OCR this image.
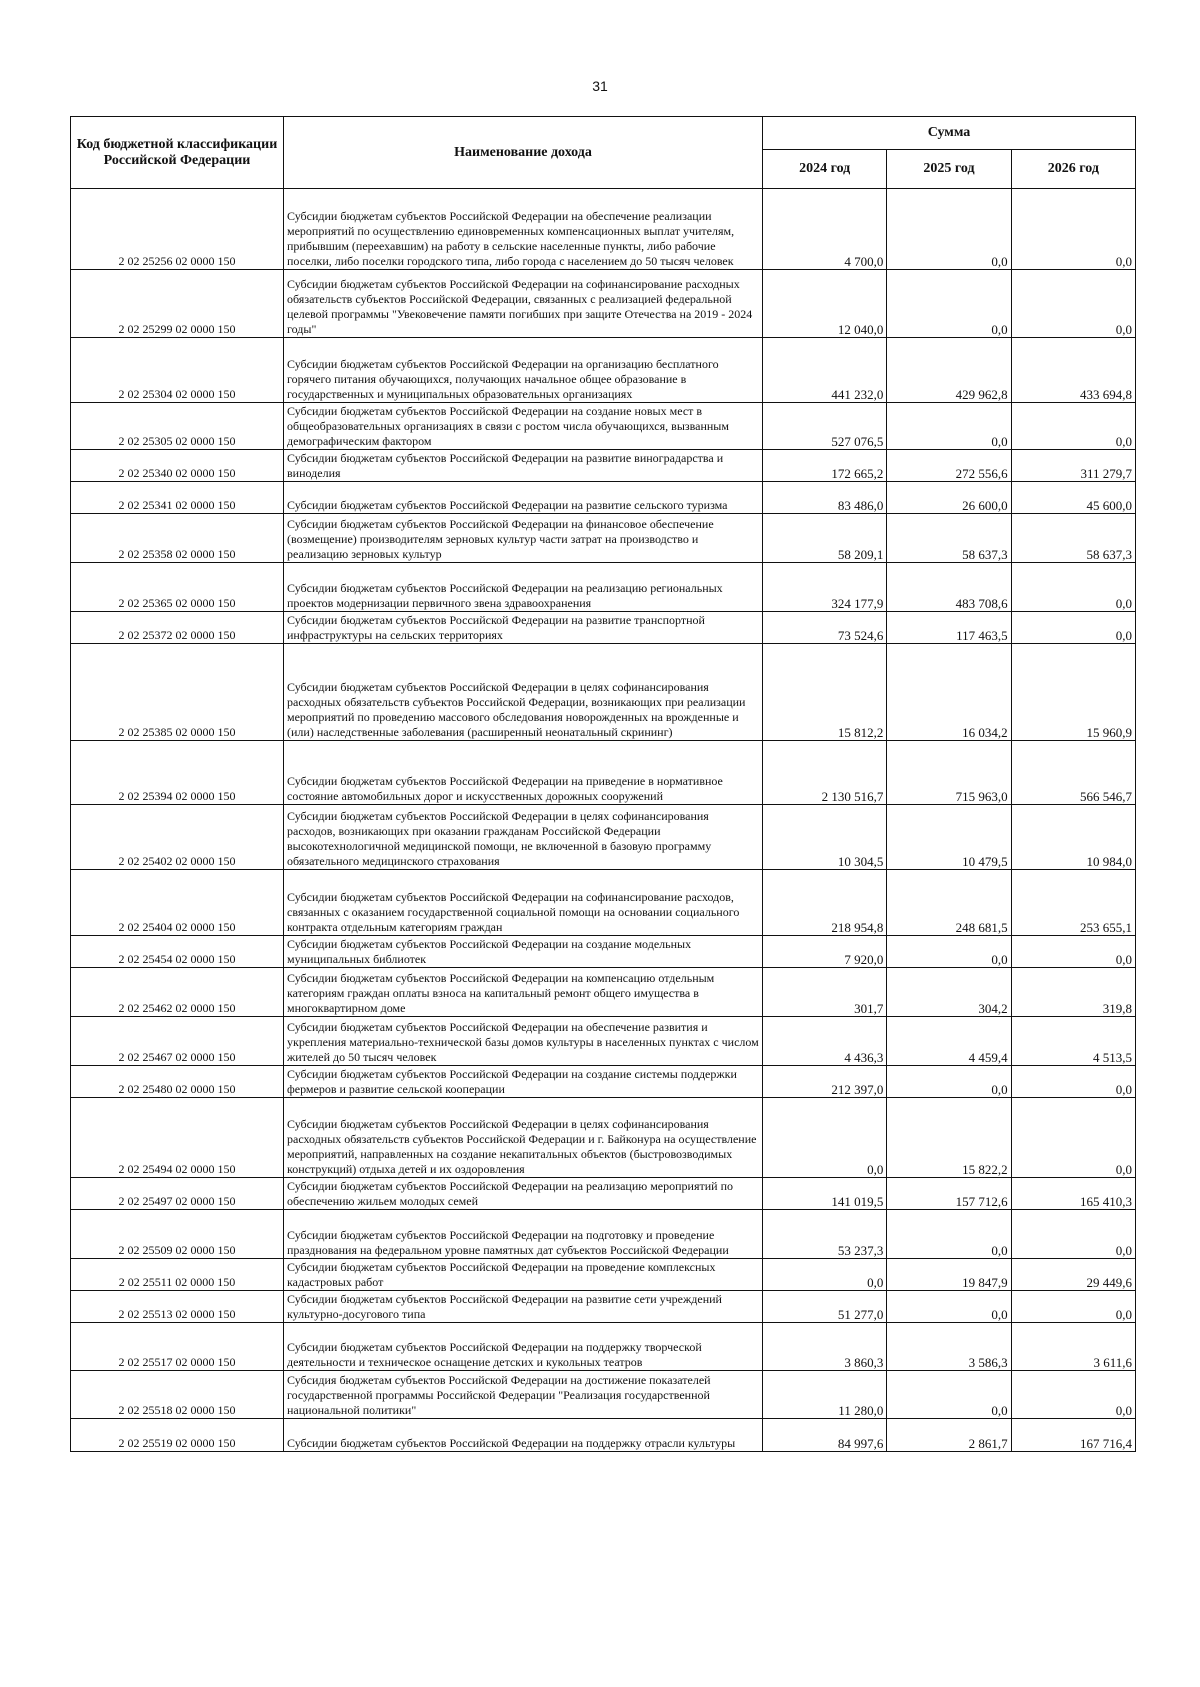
31
Код бюджетной классификации Российской Федерации	Наименование дохода	Сумма		
		2024 год	2025 год	2026 год
2 02 25256 02 0000 150	Субсидии бюджетам субъектов Российской Федерации на обеспечение реализации мероприятий по осуществлению единовременных компенсационных выплат учителям, прибывшим (переехавшим) на работу в сельские населенные пункты, либо рабочие поселки, либо поселки городского типа, либо города с населением до 50 тысяч человек	4 700,0	0,0	0,0
2 02 25299 02 0000 150	Субсидии бюджетам субъектов Российской Федерации на софинансирование расходных обязательств субъектов Российской Федерации, связанных с реализацией федеральной целевой программы "Увековечение памяти погибших при защите Отечества на 2019 - 2024 годы"	12 040,0	0,0	0,0
2 02 25304 02 0000 150	Субсидии бюджетам субъектов Российской Федерации на организацию бесплатного горячего питания обучающихся, получающих начальное общее образование в государственных и муниципальных образовательных организациях	441 232,0	429 962,8	433 694,8
2 02 25305 02 0000 150	Субсидии бюджетам субъектов Российской Федерации на создание новых мест в общеобразовательных организациях в связи с ростом числа обучающихся, вызванным демографическим фактором	527 076,5	0,0	0,0
2 02 25340 02 0000 150	Субсидии бюджетам субъектов Российской Федерации на развитие виноградарства и виноделия	172 665,2	272 556,6	311 279,7
2 02 25341 02 0000 150	Субсидии бюджетам субъектов Российской Федерации на развитие сельского туризма	83 486,0	26 600,0	45 600,0
2 02 25358 02 0000 150	Субсидии бюджетам субъектов Российской Федерации на финансовое обеспечение (возмещение) производителям зерновых культур части затрат на производство и реализацию зерновых культур	58 209,1	58 637,3	58 637,3
2 02 25365 02 0000 150	Субсидии бюджетам субъектов Российской Федерации на реализацию региональных проектов модернизации первичного звена здравоохранения	324 177,9	483 708,6	0,0
2 02 25372 02 0000 150	Субсидии бюджетам субъектов Российской Федерации на развитие транспортной инфраструктуры на сельских территориях	73 524,6	117 463,5	0,0
2 02 25385 02 0000 150	Субсидии бюджетам субъектов Российской Федерации в целях софинансирования расходных обязательств субъектов Российской Федерации, возникающих при реализации мероприятий по проведению массового обследования новорожденных на врожденные и (или) наследственные заболевания (расширенный неонатальный скрининг)	15 812,2	16 034,2	15 960,9
2 02 25394 02 0000 150	Субсидии бюджетам субъектов Российской Федерации на приведение в нормативное состояние автомобильных дорог и искусственных дорожных сооружений	2 130 516,7	715 963,0	566 546,7
2 02 25402 02 0000 150	Субсидии бюджетам субъектов Российской Федерации в целях софинансирования расходов, возникающих при оказании гражданам Российской Федерации высокотехнологичной медицинской помощи, не включенной в базовую программу обязательного медицинского страхования	10 304,5	10 479,5	10 984,0
2 02 25404 02 0000 150	Субсидии бюджетам субъектов Российской Федерации на софинансирование расходов, связанных с оказанием государственной социальной помощи на основании социального контракта отдельным категориям граждан	218 954,8	248 681,5	253 655,1
2 02 25454 02 0000 150	Субсидии бюджетам субъектов Российской Федерации на создание модельных муниципальных библиотек	7 920,0	0,0	0,0
2 02 25462 02 0000 150	Субсидии бюджетам субъектов Российской Федерации на компенсацию отдельным категориям граждан оплаты взноса на капитальный ремонт общего имущества в многоквартирном доме	301,7	304,2	319,8
2 02 25467 02 0000 150	Субсидии бюджетам субъектов Российской Федерации на обеспечение развития и укрепления материально-технической базы домов культуры в населенных пунктах с числом жителей до 50 тысяч человек	4 436,3	4 459,4	4 513,5
2 02 25480 02 0000 150	Субсидии бюджетам субъектов Российской Федерации на создание системы поддержки фермеров и развитие сельской кооперации	212 397,0	0,0	0,0
2 02 25494 02 0000 150	Субсидии бюджетам субъектов Российской Федерации в целях софинансирования расходных обязательств субъектов Российской Федерации и г. Байконура на осуществление мероприятий, направленных на создание некапитальных объектов (быстровозводимых конструкций) отдыха детей и их оздоровления	0,0	15 822,2	0,0
2 02 25497 02 0000 150	Субсидии бюджетам субъектов Российской Федерации на реализацию мероприятий по обеспечению жильем молодых семей	141 019,5	157 712,6	165 410,3
2 02 25509 02 0000 150	Субсидии бюджетам субъектов Российской Федерации на подготовку и проведение празднования на федеральном уровне памятных дат субъектов Российской Федерации	53 237,3	0,0	0,0
2 02 25511 02 0000 150	Субсидии бюджетам субъектов Российской Федерации на проведение комплексных кадастровых работ	0,0	19 847,9	29 449,6
2 02 25513 02 0000 150	Субсидии бюджетам субъектов Российской Федерации на развитие сети учреждений культурно-досугового типа	51 277,0	0,0	0,0
2 02 25517 02 0000 150	Субсидии бюджетам субъектов Российской Федерации на поддержку творческой деятельности и техническое оснащение детских и кукольных театров	3 860,3	3 586,3	3 611,6
2 02 25518 02 0000 150	Субсидия бюджетам субъектов Российской Федерации на достижение показателей государственной программы Российской Федерации "Реализация государственной национальной политики"	11 280,0	0,0	0,0
2 02 25519 02 0000 150	Субсидии бюджетам субъектов Российской Федерации на поддержку отрасли культуры	84 997,6	2 861,7	167 716,4
